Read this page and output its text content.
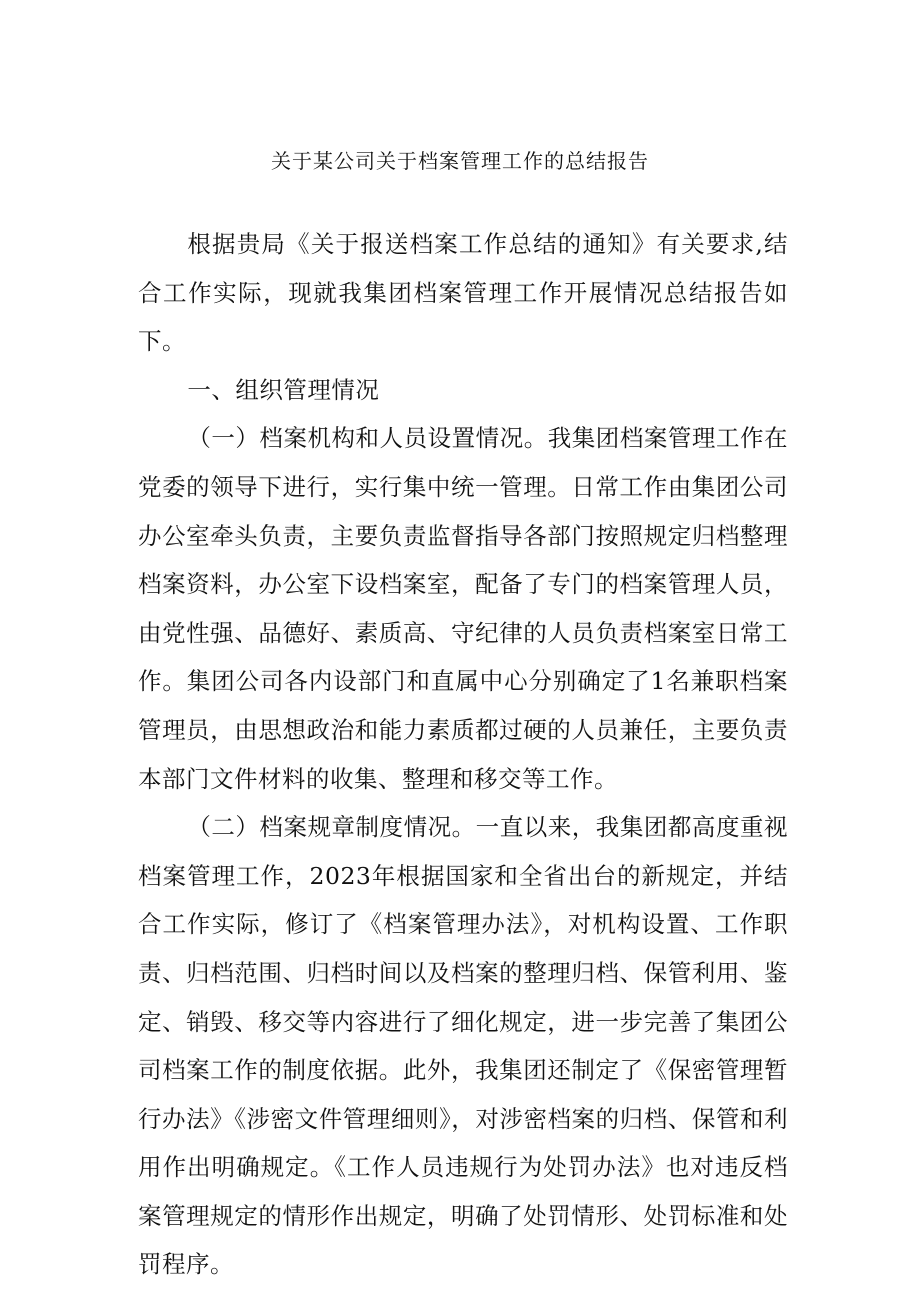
关于某公司关于档案管理工作的总结报告

根据贵局《关于报送档案工作总结的通知》有关要求,结合工作实际，现就我集团档案管理工作开展情况总结报告如下。

一、组织管理情况

（一）档案机构和人员设置情况。我集团档案管理工作在党委的领导下进行，实行集中统一管理。日常工作由集团公司办公室牵头负责，主要负责监督指导各部门按照规定归档整理档案资料，办公室下设档案室，配备了专门的档案管理人员，由党性强、品德好、素质高、守纪律的人员负责档案室日常工作。集团公司各内设部门和直属中心分别确定了1名兼职档案管理员，由思想政治和能力素质都过硬的人员兼任，主要负责本部门文件材料的收集、整理和移交等工作。

（二）档案规章制度情况。一直以来，我集团都高度重视档案管理工作，2023年根据国家和全省出台的新规定，并结合工作实际，修订了《档案管理办法》，对机构设置、工作职责、归档范围、归档时间以及档案的整理归档、保管利用、鉴定、销毁、移交等内容进行了细化规定，进一步完善了集团公司档案工作的制度依据。此外，我集团还制定了《保密管理暂行办法》《涉密文件管理细则》，对涉密档案的归档、保管和利用作出明确规定。《工作人员违规行为处罚办法》也对违反档案管理规定的情形作出规定，明确了处罚情形、处罚标准和处罚程序。
